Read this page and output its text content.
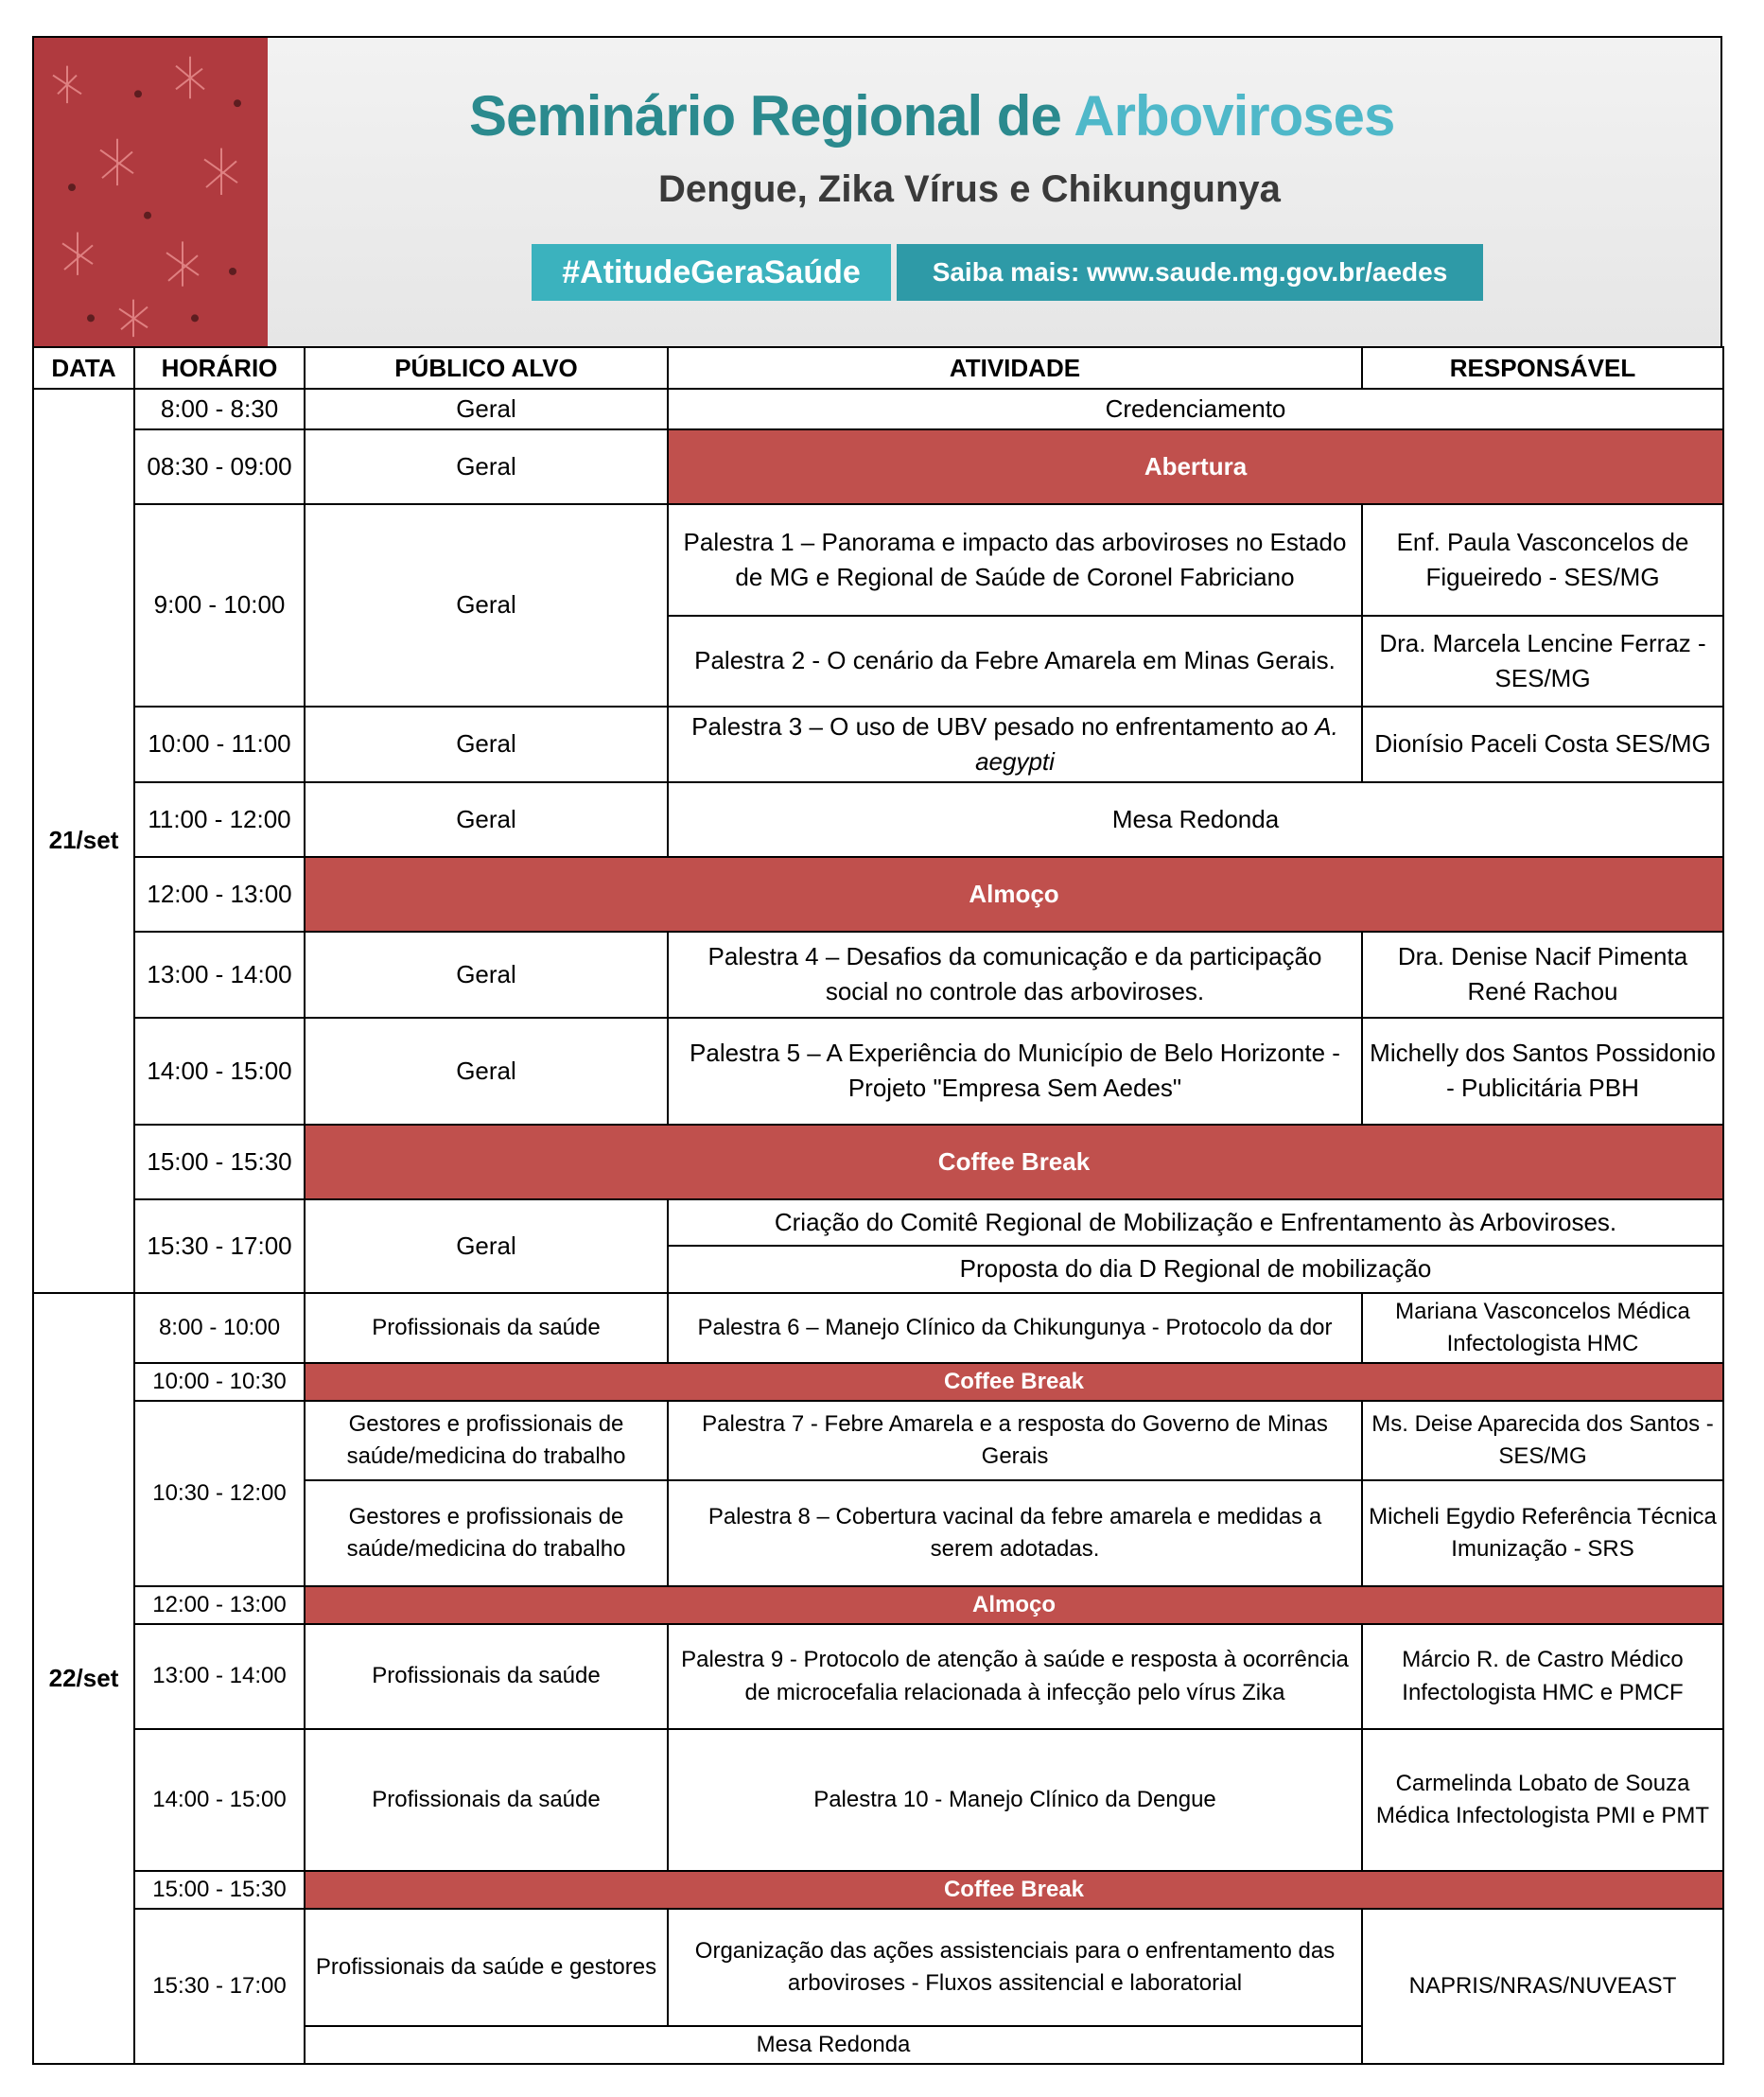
Seminário Regional de Arboviroses
Dengue, Zika Vírus e Chikungunya
#AtitudeGeraSaúde	Saiba mais: www.saude.mg.gov.br/aedes
DATA	HORÁRIO	PÚBLICO ALVO	ATIVIDADE	RESPONSÁVEL
21/set	8:00 - 8:30	Geral	Credenciamento	
	08:30 - 09:00	Geral	Abertura	
	9:00 - 10:00	Geral	Palestra 1 – Panorama e impacto das arboviroses no Estado de MG e Regional de Saúde de Coronel Fabriciano	Enf. Paula Vasconcelos de Figueiredo - SES/MG
			Palestra 2 - O cenário da Febre Amarela em Minas Gerais.	Dra. Marcela Lencine Ferraz - SES/MG
	10:00 - 11:00	Geral	Palestra 3 – O uso de UBV pesado no enfrentamento ao A. aegypti	Dionísio Paceli Costa SES/MG
	11:00 - 12:00	Geral	Mesa Redonda	
	12:00 - 13:00	Almoço		
	13:00 - 14:00	Geral	Palestra 4 – Desafios da comunicação e da participação social no controle das arboviroses.	Dra. Denise Nacif Pimenta René Rachou
	14:00 - 15:00	Geral	Palestra 5 – A Experiência do Município de Belo Horizonte - Projeto "Empresa Sem Aedes"	Michelly dos Santos Possidonio - Publicitária PBH
	15:00 - 15:30	Coffee Break		
	15:30 - 17:00	Geral	Criação do Comitê Regional de Mobilização e Enfrentamento às Arboviroses.	
			Proposta do dia D Regional de mobilização	
22/set	8:00 - 10:00	Profissionais da saúde	Palestra 6 – Manejo Clínico da Chikungunya - Protocolo da dor	Mariana Vasconcelos Médica Infectologista HMC
	10:00 - 10:30	Coffee Break		
	10:30 - 12:00	Gestores e profissionais de saúde/medicina do trabalho	Palestra 7 - Febre Amarela e a resposta do Governo de Minas Gerais	Ms. Deise Aparecida dos Santos - SES/MG
		Gestores e profissionais de saúde/medicina do trabalho	Palestra 8 – Cobertura vacinal da febre amarela e medidas a serem adotadas.	Micheli Egydio Referência Técnica Imunização - SRS
	12:00 - 13:00	Almoço		
	13:00 - 14:00	Profissionais da saúde	Palestra 9 - Protocolo de atenção à saúde e resposta à ocorrência de microcefalia relacionada à infecção pelo vírus Zika	Márcio R. de Castro Médico Infectologista HMC e PMCF
	14:00 - 15:00	Profissionais da saúde	Palestra 10 - Manejo Clínico da Dengue	Carmelinda Lobato de Souza Médica Infectologista PMI e PMT
	15:00 - 15:30	Coffee Break		
	15:30 - 17:00	Profissionais da saúde e gestores	Organização das ações assistenciais para o enfrentamento das arboviroses - Fluxos assitencial e laboratorial	NAPRIS/NRAS/NUVEAST
		Mesa Redonda		
